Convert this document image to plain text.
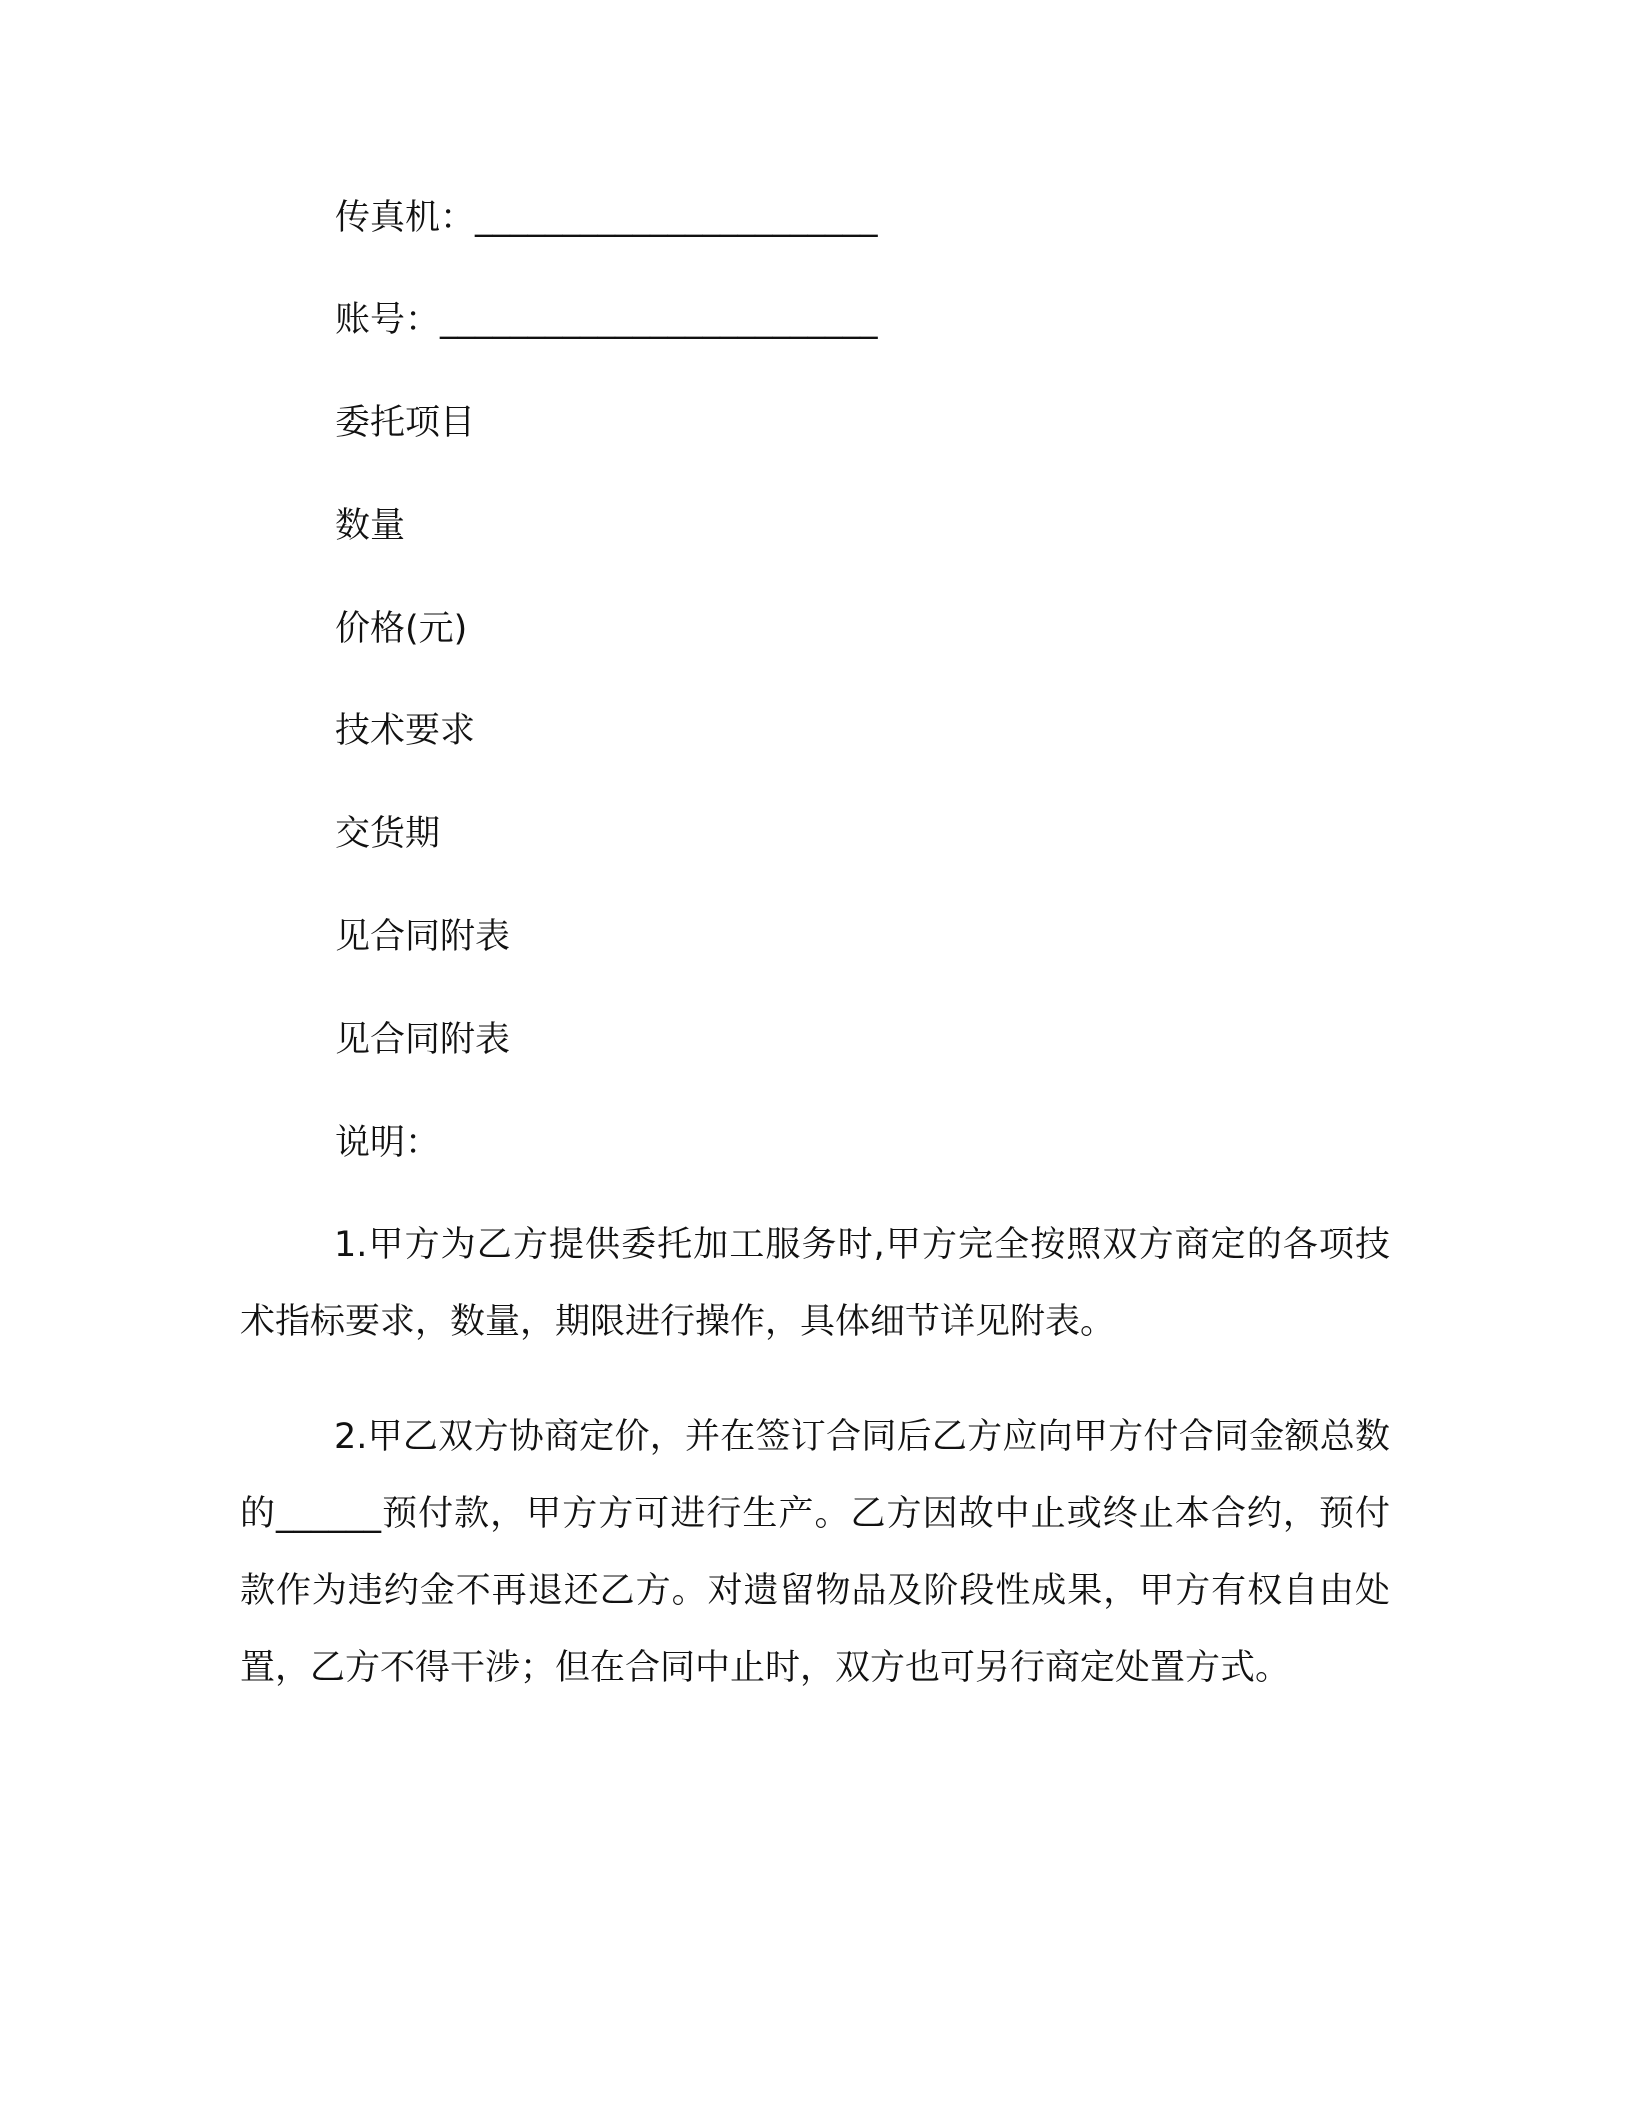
传真机：_______________________
账号：_________________________
委托项目
数量
价格(元)
技术要求
交货期
见合同附表
见合同附表
说明：

1.甲方为乙方提供委托加工服务时,甲方完全按照双方商定的各项技术指标要求，数量，期限进行操作，具体细节详见附表。

2.甲乙双方协商定价，并在签订合同后乙方应向甲方付合同金额总数的______预付款，甲方方可进行生产。乙方因故中止或终止本合约，预付款作为违约金不再退还乙方。对遗留物品及阶段性成果，甲方有权自由处置，乙方不得干涉；但在合同中止时，双方也可另行商定处置方式。
